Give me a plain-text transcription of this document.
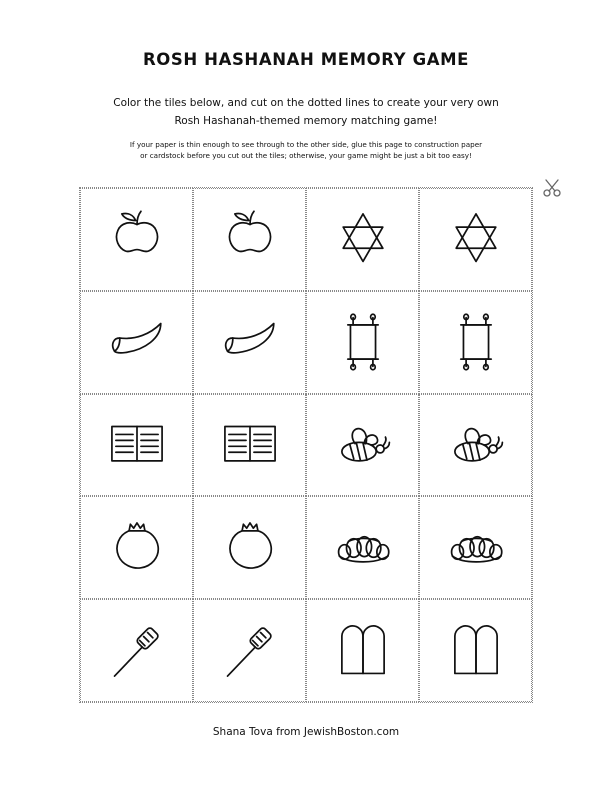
ROSH HASHANAH MEMORY GAME
Color the tiles below, and cut on the dotted lines to create your very own
Rosh Hashanah-themed memory matching game!
If your paper is thin enough to see through to the other side, glue this page to construction paper
or cardstock before you cut out the tiles; otherwise, your game might be just a bit too easy!
Shana Tova from JewishBoston.com
